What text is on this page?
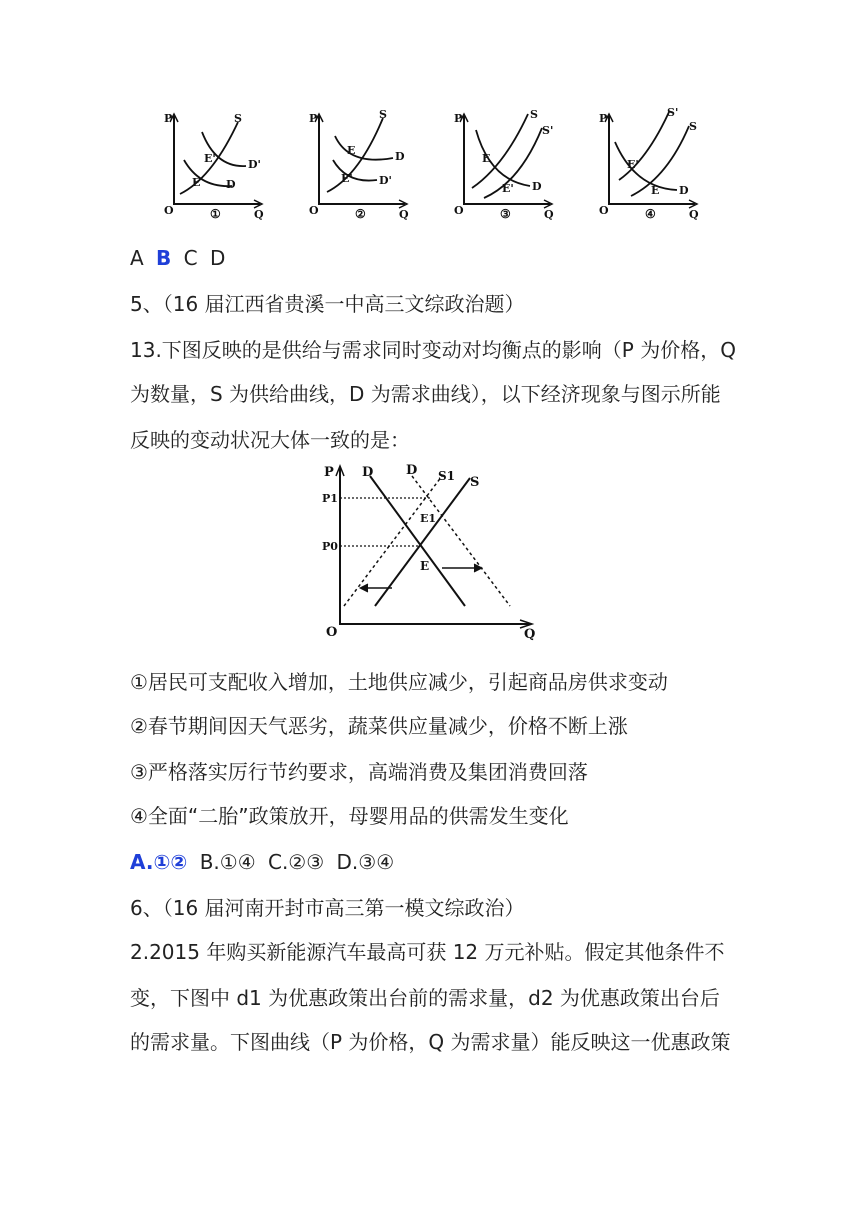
P
Q
O
S
D'
D
E'
E
①
P
Q
O
S
D
D'
E
E'
②
P
Q
O
S
S'
D
E
E'
③
P
Q
O
S'
S
D
E'
E
④
A B C D
5、（16 届江西省贵溪一中高三文综政治题）
13.下图反映的是供给与需求同时变动对均衡点的影响（P 为价格，Q
为数量，S 为供给曲线，D 为需求曲线），以下经济现象与图示所能
反映的变动状况大体一致的是：
P
Q
O
P1
P0
D	D S1 S
E1
E
①居民可支配收入增加，土地供应减少，引起商品房供求变动
②春节期间因天气恶劣，蔬菜供应量减少，价格不断上涨
③严格落实厉行节约要求，高端消费及集团消费回落
④全面“二胎”政策放开，母婴用品的供需发生变化
A.①② B.①④ C.②③ D.③④
6、（16 届河南开封市高三第一模文综政治）
2.2015 年购买新能源汽车最高可获 12 万元补贴。假定其他条件不
变，下图中 d1 为优惠政策出台前的需求量，d2 为优惠政策出台后
的需求量。下图曲线（P 为价格，Q 为需求量）能反映这一优惠政策
